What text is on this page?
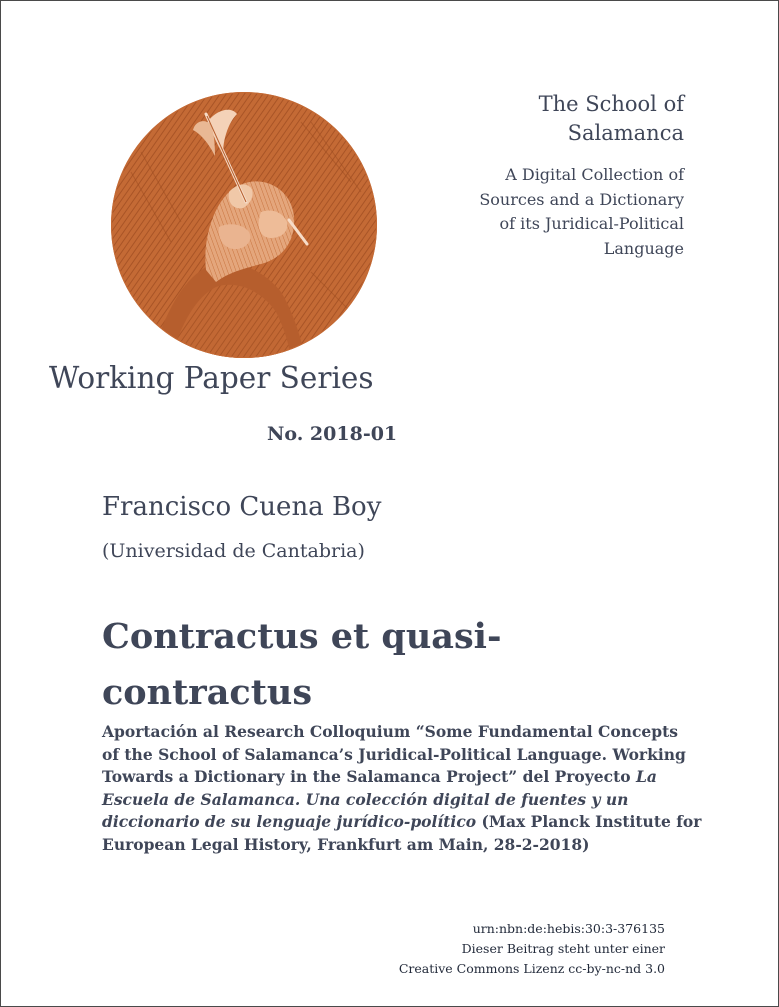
The School of
Salamanca
A Digital Collection of
Sources and a Dictionary
of its Juridical-Political
Language
Working Paper Series
No. 2018-01
Francisco Cuena Boy
(Universidad de Cantabria)
Contractus et quasi-
contractus
Aportación al Research Colloquium “Some Fundamental Concepts
of the School of Salamanca’s Juridical-Political Language. Working
Towards a Dictionary in the Salamanca Project” del Proyecto La
Escuela de Salamanca. Una colección digital de fuentes y un
diccionario de su lenguaje jurídico-político (Max Planck Institute for
European Legal History, Frankfurt am Main, 28-2-2018)
urn:nbn:de:hebis:30:3-376135
Dieser Beitrag steht unter einer
Creative Commons Lizenz cc-by-nc-nd 3.0
